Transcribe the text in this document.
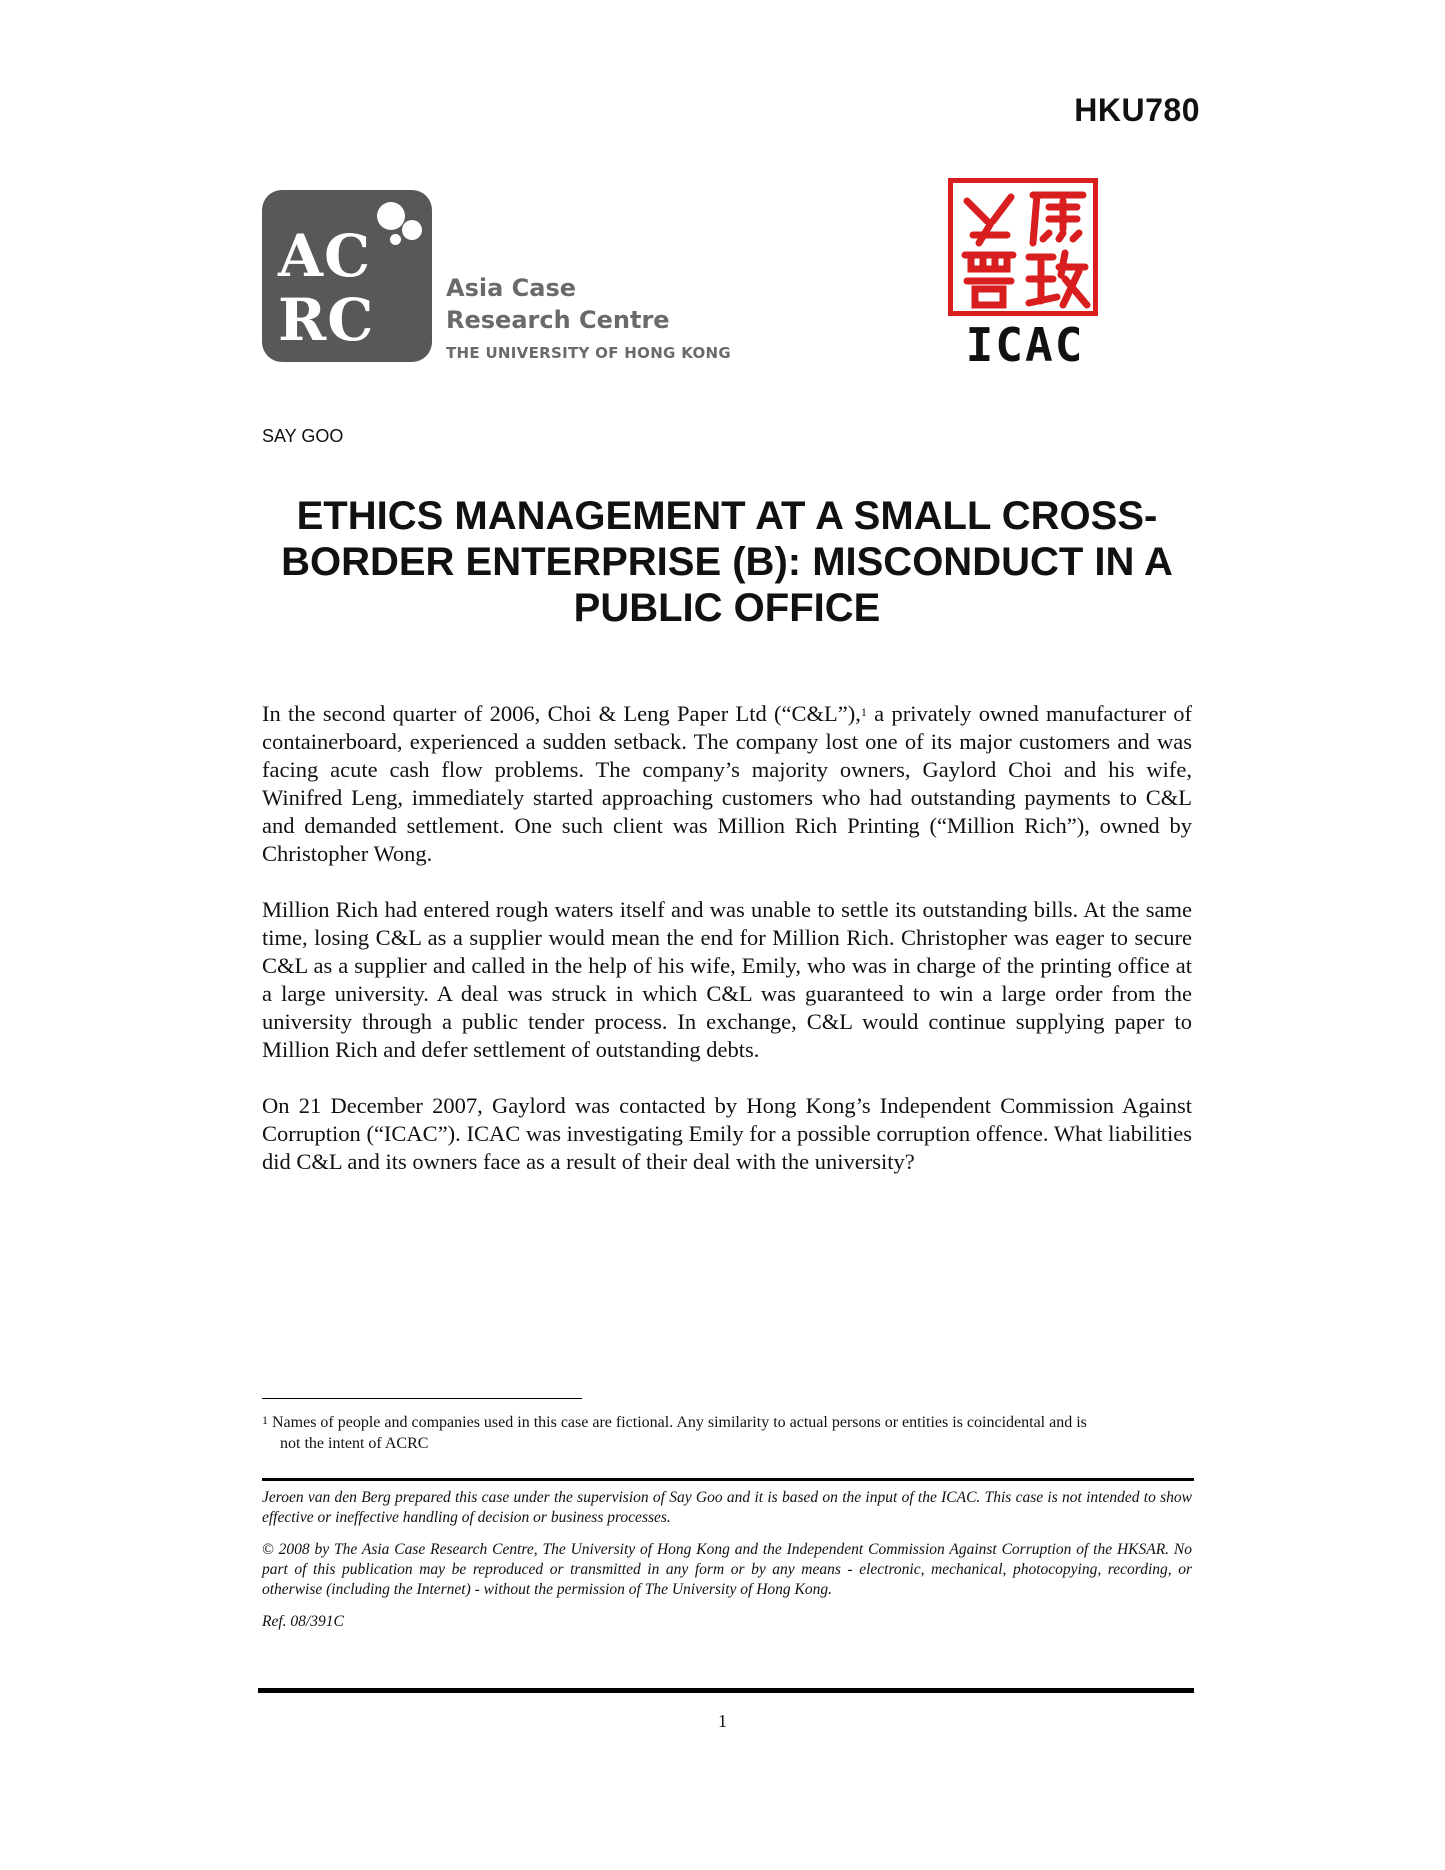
HKU780
AC
RC	Asia Case
Research Centre
THE UNIVERSITY OF HONG KONG	ICAC
SAY GOO
ETHICS MANAGEMENT AT A SMALL CROSS-BORDER ENTERPRISE (B): MISCONDUCT IN A PUBLIC OFFICE

In the second quarter of 2006, Choi & Leng Paper Ltd (“C&L”),$^1$ a privately owned manufacturer of containerboard, experienced a sudden setback. The company lost one of its major customers and was facing acute cash flow problems. The company’s majority owners, Gaylord Choi and his wife, Winifred Leng, immediately started approaching customers who had outstanding payments to C&L and demanded settlement. One such client was Million Rich Printing (“Million Rich”), owned by Christopher Wong.

Million Rich had entered rough waters itself and was unable to settle its outstanding bills. At the same time, losing C&L as a supplier would mean the end for Million Rich. Christopher was eager to secure C&L as a supplier and called in the help of his wife, Emily, who was in charge of the printing office at a large university. A deal was struck in which C&L was guaranteed to win a large order from the university through a public tender process. In exchange, C&L would continue supplying paper to Million Rich and defer settlement of outstanding debts.

On 21 December 2007, Gaylord was contacted by Hong Kong’s Independent Commission Against Corruption (“ICAC”). ICAC was investigating Emily for a possible corruption offence. What liabilities did C&L and its owners face as a result of their deal with the university?

$^1$ Names of people and companies used in this case are fictional. Any similarity to actual persons or entities is coincidental and is
not the intent of ACRC

Jeroen van den Berg prepared this case under the supervision of Say Goo and it is based on the input of the ICAC. This case is not intended to show effective or ineffective handling of decision or business processes.

© 2008 by The Asia Case Research Centre, The University of Hong Kong and the Independent Commission Against Corruption of the HKSAR. No part of this publication may be reproduced or transmitted in any form or by any means - electronic, mechanical, photocopying, recording, or otherwise (including the Internet) - without the permission of The University of Hong Kong.

Ref. 08/391C

1
